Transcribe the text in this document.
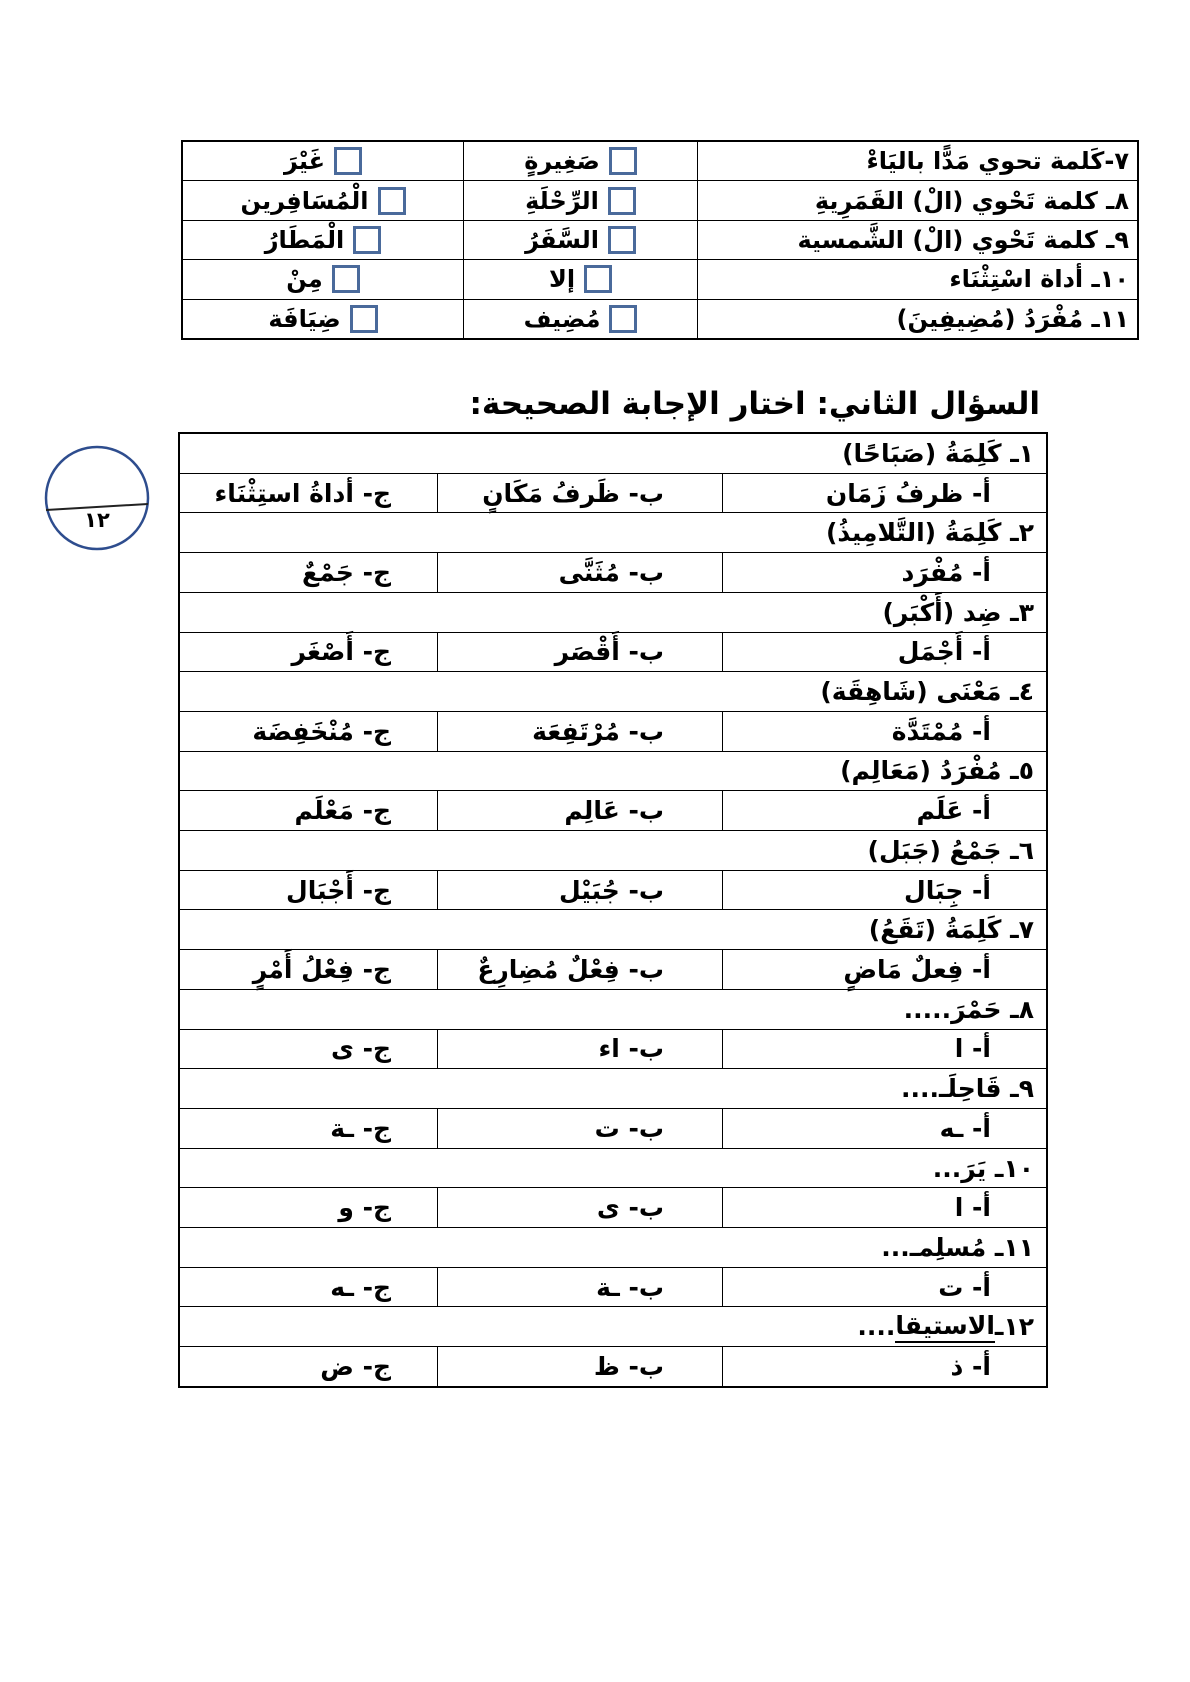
٧-كَلمة تحوي مَدًّا باليَاءْ
صَغِيرةٍ
غَيْرَ
٨ـ كلمة تَحْوي (الْ) القَمَرِيةِ
الرِّحْلَةِ
الْمُسَافِرين
٩ـ كلمة تَحْوي (الْ) الشَّمسية
السَّفَرُ
الْمَطَارُ
١٠ـ أداة اسْتِثْنَاء
إلا
مِنْ
١١ـ مُفْرَدُ (مُضِيفِينَ)
مُضِيف
ضِيَافَة
السؤال الثاني: اختار الإجابة الصحيحة:
١٢
١ـ كَلِمَةُ (صَبَاحًا)
أ- ظرفُ زَمَان
ب- ظَرفُ مَكَانٍ
ج- أداةُ استِثْنَاء
٢ـ كَلِمَةُ (التَّلامِيذُ)
أ- مُفْرَد
ب- مُثَنَّى
ج- جَمْعٌ
٣ـ ضِد (أَكْبَر)
أ- أَجْمَل
ب- أَقْصَر
ج- أَصْغَر
٤ـ مَعْنَى (شَاهِقَة)
أ- مُمْتَدَّة
ب- مُرْتَفِعَة
ج- مُنْخَفِضَة
٥ـ مُفْرَدُ (مَعَالِم)
أ- عَلَم
ب- عَالِم
ج- مَعْلَم
٦ـ جَمْعُ (جَبَل)
أ- جِبَال
ب- جُبَيْل
ج- أَجْبَال
٧ـ كَلِمَةُ (تَقَعُ)
أ- فِعلٌ مَاضٍ
ب- فِعْلٌ مُضِارِعٌ
ج- فِعْلُ أَمْرٍ
٨ـ حَمْرَ.....
أ- ا
ب- اء
ج- ى
٩ـ قَاحِلَـ....
أ- ـه
ب- ت
ج- ـة
١٠ـ يَرَ...
أ- ا
ب- ى
ج- و
١١ـ مُسلِمـ...
أ- ت
ب- ـة
ج- ـه
١٢ـ
الاستيقا
....
أ- ذ
ب- ظ
ج- ض
